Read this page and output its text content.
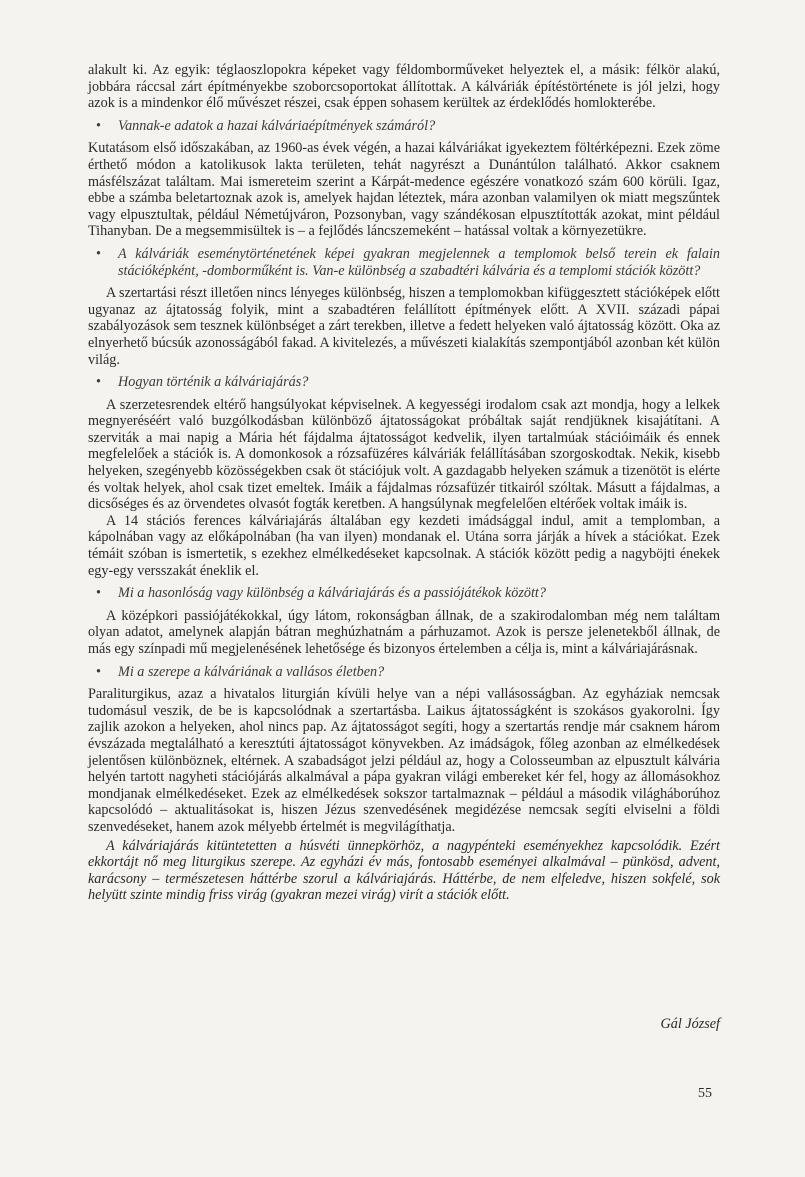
alakult ki. Az egyik: téglaoszlopokra képeket vagy féldomborműveket helyeztek el, a másik: félkör alakú, jobbára ráccsal zárt építményekbe szoborcsoportokat állítottak. A kálváriák építéstörténete is jól jelzi, hogy azok is a mindenkor élő művészet részei, csak éppen sohasem kerültek az érdeklődés homlokterébe.

• Vannak-e adatok a hazai kálváriaépítmények számáról?

Kutatásom első időszakában, az 1960-as évek végén, a hazai kálváriákat igyekeztem föltérképezni. Ezek zöme érthető módon a katolikusok lakta területen, tehát nagyrészt a Dunántúlon található. Akkor csaknem másfélszázat találtam. Mai ismereteim szerint a Kárpát-medence egészére vonatkozó szám 600 körüli. Igaz, ebbe a számba beletartoznak azok is, amelyek hajdan léteztek, mára azonban valamilyen ok miatt megszűntek vagy elpusztultak, például Németújváron, Pozsonyban, vagy szándékosan elpusztították azokat, mint például Tihanyban. De a megsemmisültek is – a fejlődés láncszemeként – hatással voltak a környezetükre.

• A kálváriák eseménytörténetének képei gyakran megjelennek a templomok belső terein ek falain stációképként, -domborműként is. Van-e különbség a szabadtéri kálvária és a templomi stációk között?

A szertartási részt illetően nincs lényeges különbség, hiszen a templomokban kifüggesztett stációképek előtt ugyanaz az ájtatosság folyik, mint a szabadtéren felállított építmények előtt. A XVII. századi pápai szabályozások sem tesznek különbséget a zárt terekben, illetve a fedett helyeken való ájtatosság között. Oka az elnyerhető búcsúk azonosságából fakad. A kivitelezés, a művészeti kialakítás szempontjából azonban két külön világ.

• Hogyan történik a kálváriajárás?

A szerzetesrendek eltérő hangsúlyokat képviselnek. A kegyességi irodalom csak azt mondja, hogy a lelkek megnyeréséért való buzgólkodásban különböző ájtatosságokat próbáltak saját rendjüknek kisajátítani. A szerviták a mai napig a Mária hét fájdalma ájtatosságot kedvelik, ilyen tartalmúak stációimáik és ennek megfelelőek a stációk is. A domonkosok a rózsafüzéres kálváriák felállításában szorgoskodtak. Nekik, kisebb helyeken, szegényebb közösségekben csak öt stációjuk volt. A gazdagabb helyeken számuk a tizenötöt is elérte és voltak helyek, ahol csak tizet emeltek. Imáik a fájdalmas rózsafüzér titkairól szóltak. Másutt a fájdalmas, a dicsőséges és az örvendetes olvasót fogták keretben. A hangsúlynak megfelelően eltérőek voltak imáik is.

A 14 stációs ferences kálváriajárás általában egy kezdeti imádsággal indul, amit a templomban, a kápolnában vagy az előkápolnában (ha van ilyen) mondanak el. Utána sorra járják a hívek a stációkat. Ezek témáit szóban is ismertetik, s ezekhez elmélkedéseket kapcsolnak. A stációk között pedig a nagyböjti énekek egy-egy versszakát éneklik el.

• Mi a hasonlóság vagy különbség a kálváriajárás és a passiójátékok között?

A középkori passiójátékokkal, úgy látom, rokonságban állnak, de a szakirodalomban még nem találtam olyan adatot, amelynek alapján bátran meghúzhatnám a párhuzamot. Azok is persze jelenetekből állnak, de más egy színpadi mű megjelenésének lehetősége és bizonyos értelemben a célja is, mint a kálváriajárásnak.

• Mi a szerepe a kálváriának a vallásos életben?

Paraliturgikus, azaz a hivatalos liturgián kívüli helye van a népi vallásosságban. Az egyháziak nemcsak tudomásul veszik, de be is kapcsolódnak a szertartásba. Laikus ájtatosságként is szokásos gyakorolni. Így zajlik azokon a helyeken, ahol nincs pap. Az ájtatosságot segíti, hogy a szertartás rendje már csaknem három évszázada megtalálható a keresztúti ájtatosságot könyvekben. Az imádságok, főleg azonban az elmélkedések jelentősen különböznek, eltérnek. A szabadságot jelzi például az, hogy a Colosseumban az elpusztult kálvária helyén tartott nagyheti stációjárás alkalmával a pápa gyakran világi embereket kér fel, hogy az állomásokhoz mondjanak elmélkedéseket. Ezek az elmélkedések sokszor tartalmaznak – például a második világháborúhoz kapcsolódó – aktualitásokat is, hiszen Jézus szenvedésének megidézése nemcsak segíti elviselni a földi szenvedéseket, hanem azok mélyebb értelmét is megvilágíthatja.

A kálváriajárás kitüntetetten a húsvéti ünnepkörhöz, a nagypénteki eseményekhez kapcsolódik. Ezért ekkortájt nő meg liturgikus szerepe. Az egyházi év más, fontosabb eseményei alkalmával – pünkösd, advent, karácsony – természetesen háttérbe szorul a kálváriajárás. Háttérbe, de nem elfeledve, hiszen sokfelé, sok helyütt szinte mindig friss virág (gyakran mezei virág) virít a stációk előtt.

Gál József
55
